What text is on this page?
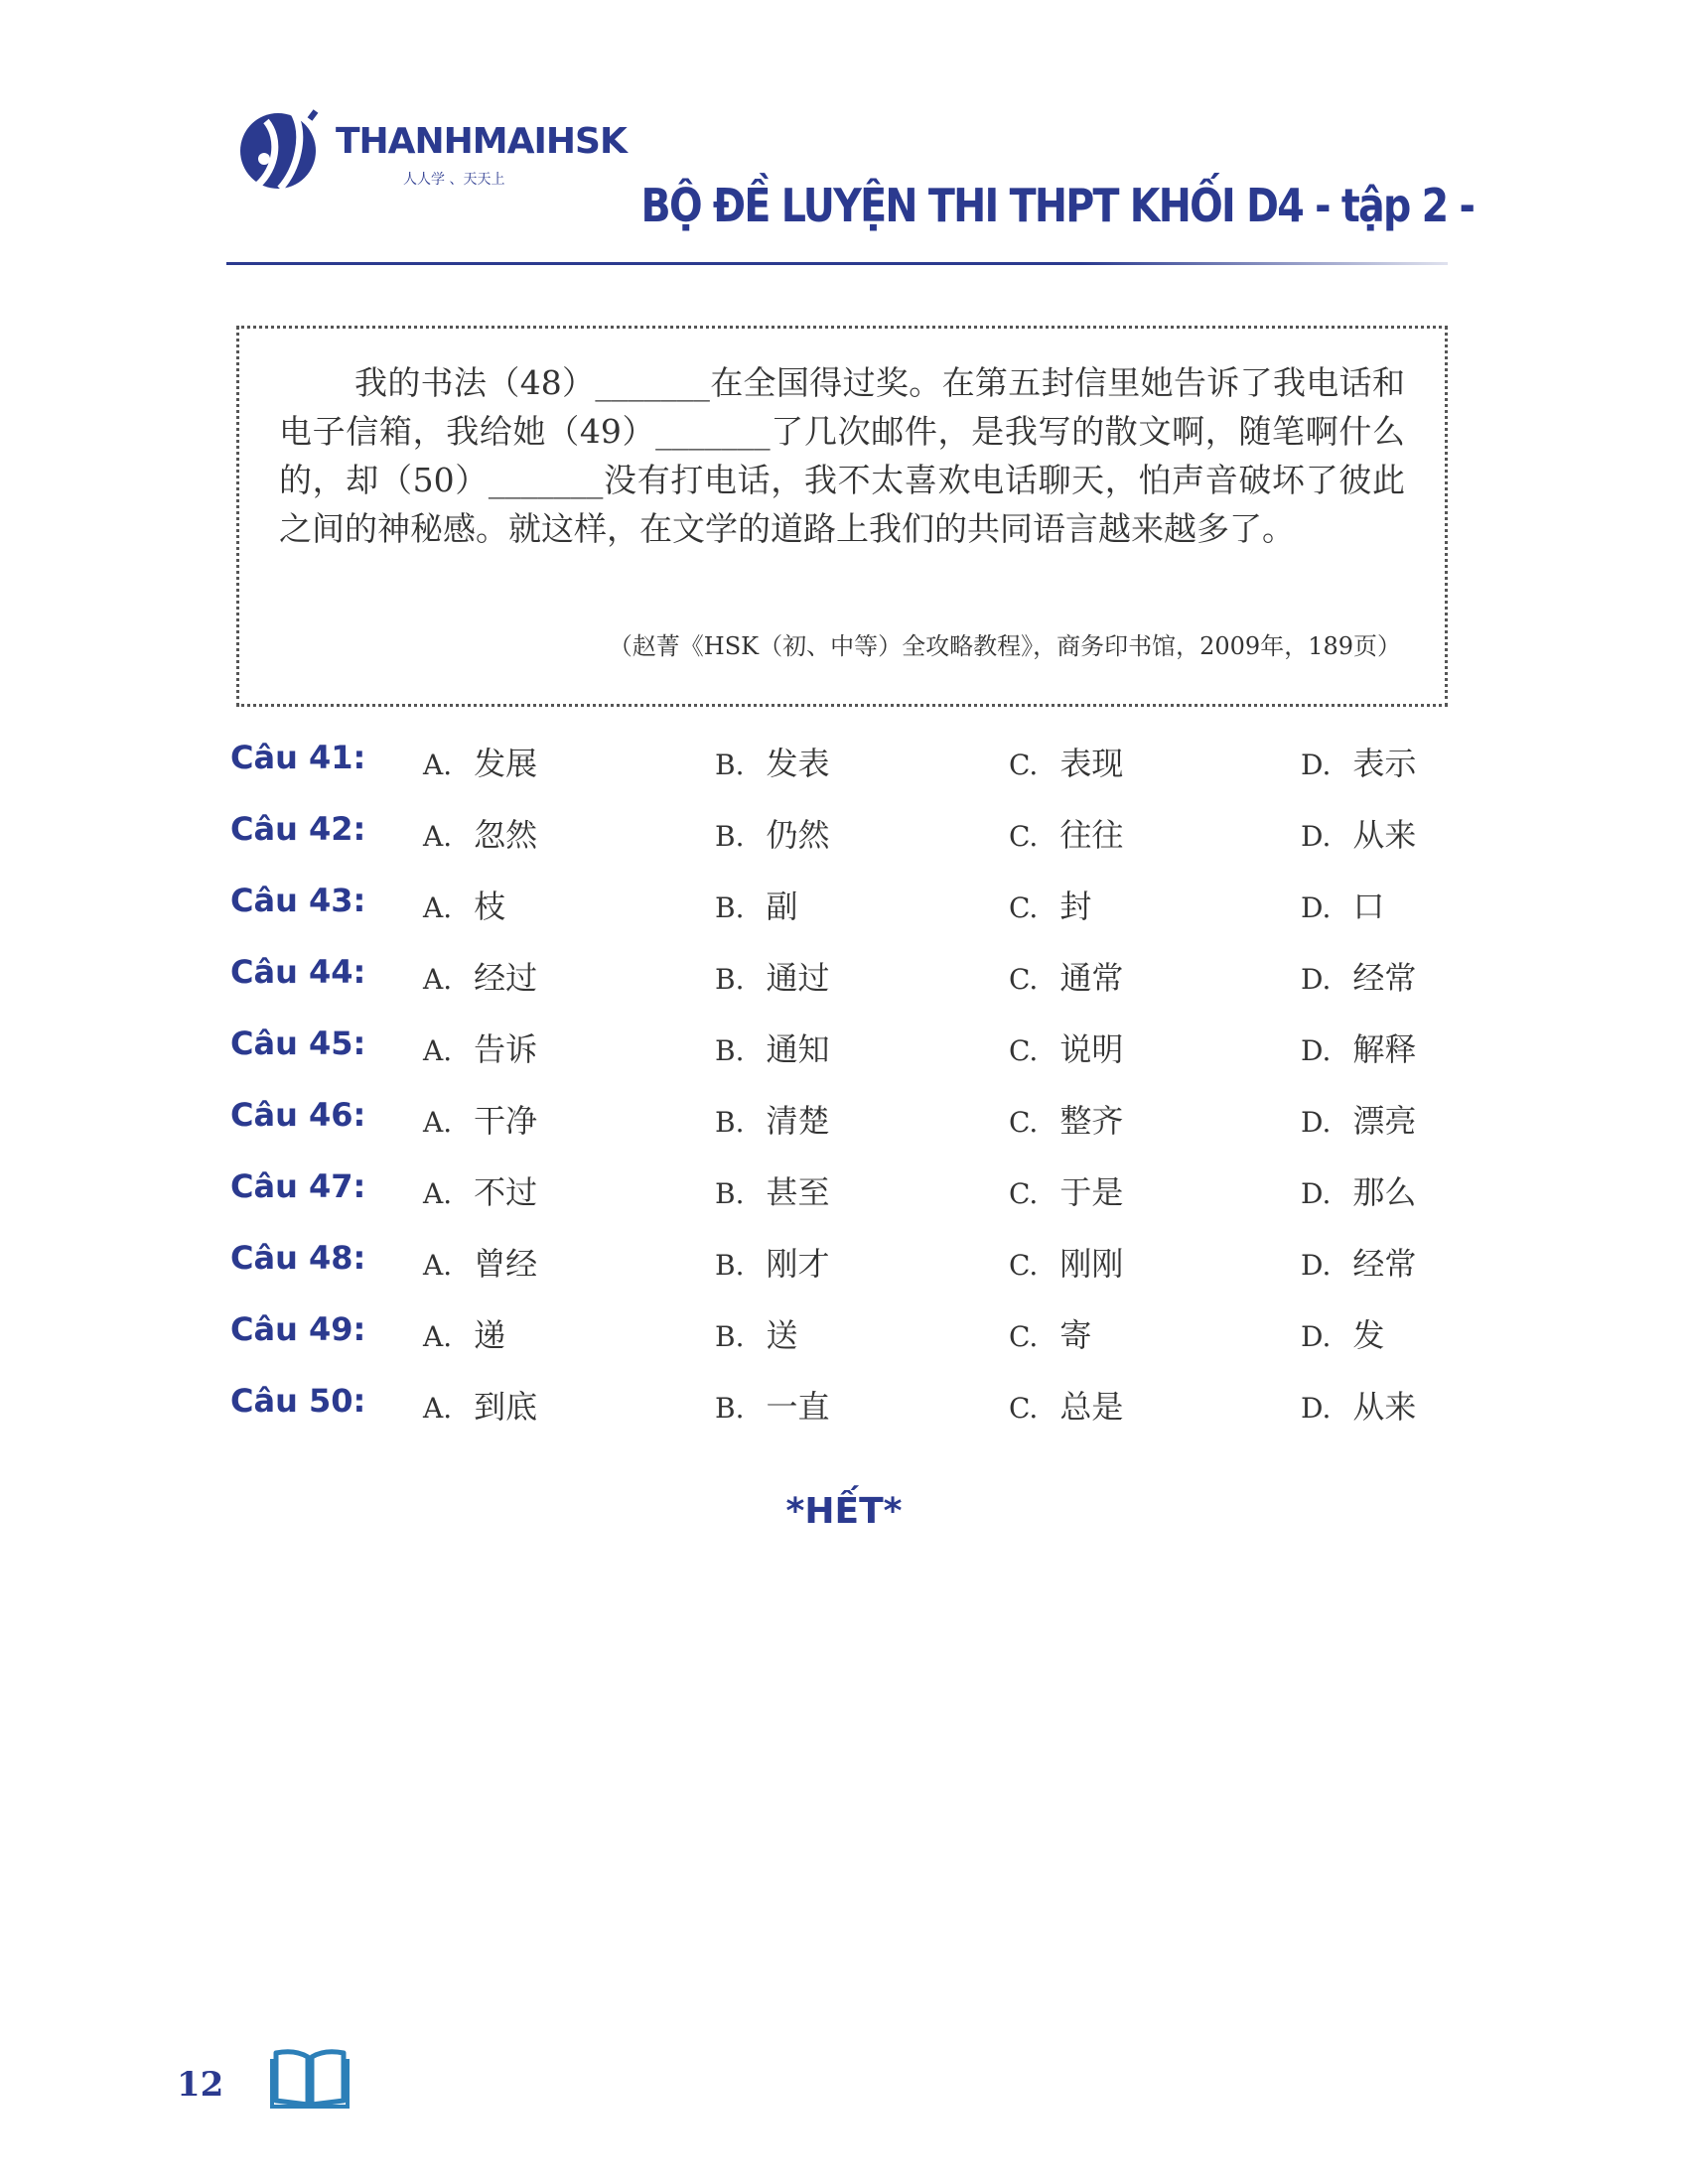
THANHMAIHSK
人人学 、天天上	BỘ ĐỀ LUYỆN THI THPT KHỐI D4 - tập 2 -

我的书法（48）_______在全国得过奖。在第五封信里她告诉了我电话和电子信箱，我给她（49）_______了几次邮件，是我写的散文啊，随笔啊什么的，却（50）_______没有打电话，我不太喜欢电话聊天，怕声音破坏了彼此之间的神秘感。就这样，在文学的道路上我们的共同语言越来越多了。

（赵菁《HSK（初、中等）全攻略教程》，商务印书馆，2009年，189页）
Câu 41: A. 发展	B. 发表	C. 表现	D. 表示
Câu 42: A. 忽然	B. 仍然	C. 往往	D. 从来
Câu 43: A. 枝	B. 副	C. 封	D. 口
Câu 44: A. 经过	B. 通过	C. 通常	D. 经常
Câu 45: A. 告诉	B. 通知	C. 说明	D. 解释
Câu 46: A. 干净	B. 清楚	C. 整齐	D. 漂亮
Câu 47: A. 不过	B. 甚至	C. 于是	D. 那么
Câu 48: A. 曾经	B. 刚才	C. 刚刚	D. 经常
Câu 49: A. 递	B. 送	C. 寄	D. 发
Câu 50: A. 到底	B. 一直	C. 总是	D. 从来
*HẾT*
12
